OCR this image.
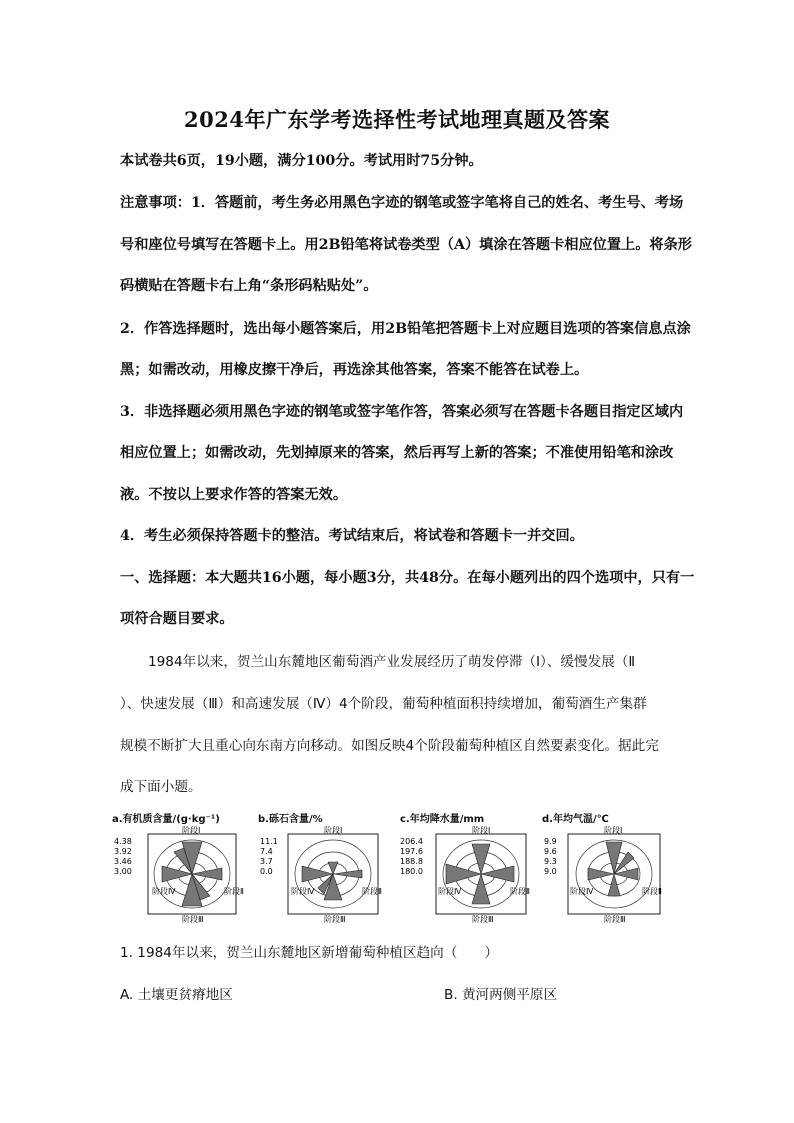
2024年广东学考选择性考试地理真题及答案
本试卷共6页，19小题，满分100分。考试用时75分钟。
注意事项：1．答题前，考生务必用黑色字迹的钢笔或签字笔将自己的姓名、考生号、考场
号和座位号填写在答题卡上。用2B铅笔将试卷类型（A）填涂在答题卡相应位置上。将条形
码横贴在答题卡右上角“条形码粘贴处”。
2．作答选择题时，选出每小题答案后，用2B铅笔把答题卡上对应题目选项的答案信息点涂
黑；如需改动，用橡皮擦干净后，再选涂其他答案，答案不能答在试卷上。
3．非选择题必须用黑色字迹的钢笔或签字笔作答，答案必须写在答题卡各题目指定区域内
相应位置上；如需改动，先划掉原来的答案，然后再写上新的答案；不准使用铅笔和涂改
液。不按以上要求作答的答案无效。
4．考生必须保持答题卡的整洁。考试结束后，将试卷和答题卡一并交回。
一、选择题：本大题共16小题，每小题3分，共48分。在每小题列出的四个选项中，只有一
项符合题目要求。
1984年以来，贺兰山东麓地区葡萄酒产业发展经历了萌发停滞（Ⅰ）、缓慢发展（Ⅱ
）、快速发展（Ⅲ）和高速发展（Ⅳ）4个阶段，葡萄种植面积持续增加，葡萄酒生产集群
规模不断扩大且重心向东南方向移动。如图反映4个阶段葡萄种植区自然要素变化。据此完
成下面小题。
a.有机质含量/(g·kg⁻¹)
4.38
3.92
3.46
3.00
阶段Ⅰ
阶段Ⅲ
阶段Ⅳ	阶段Ⅱ
b.砾石含量/%
11.1
7.4
3.7
0.0
阶段Ⅰ
阶段Ⅲ
阶段Ⅳ	阶段Ⅱ
c.年均降水量/mm
206.4
197.6
188.8
180.0
阶段Ⅰ
阶段Ⅲ
阶段Ⅳ	阶段Ⅱ
d.年均气温/℃
9.9
9.6
9.3
9.0
阶段Ⅰ
阶段Ⅲ
阶段Ⅳ	阶段Ⅱ
1. 1984年以来，贺兰山东麓地区新增葡萄种植区趋向（　　）
A. 土壤更贫瘠地区	B. 黄河两侧平原区
